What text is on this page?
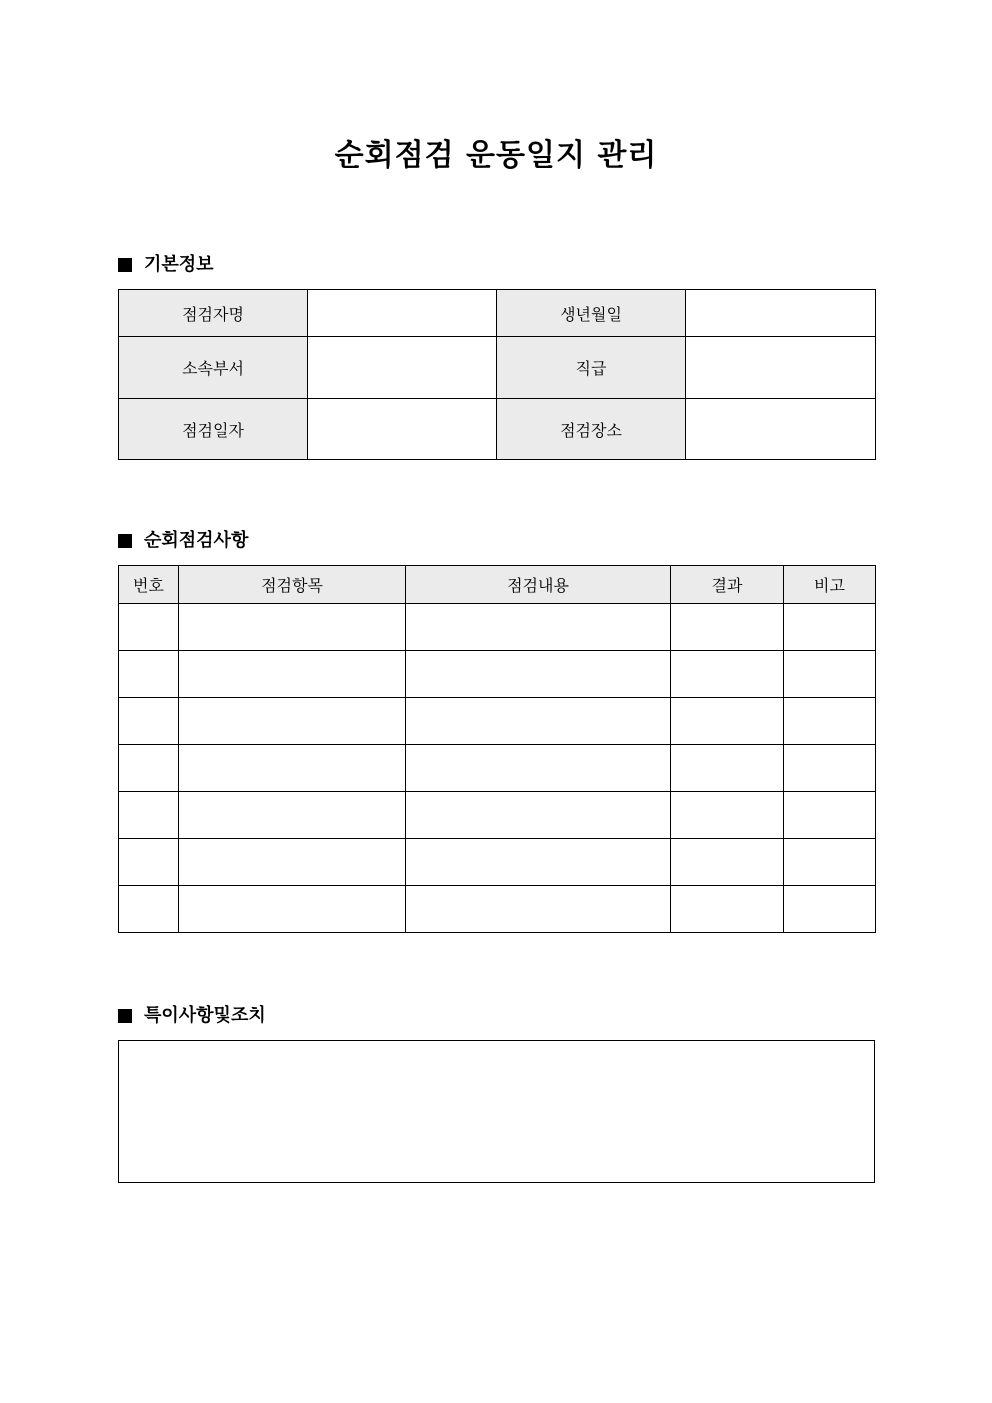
순회점검 운동일지 관리
기본정보
점검자명		생년월일	
소속부서		직급	
점검일자		점검장소	
순회점검사항
번호	점검항목	점검내용	결과	비고

특이사항및조치
